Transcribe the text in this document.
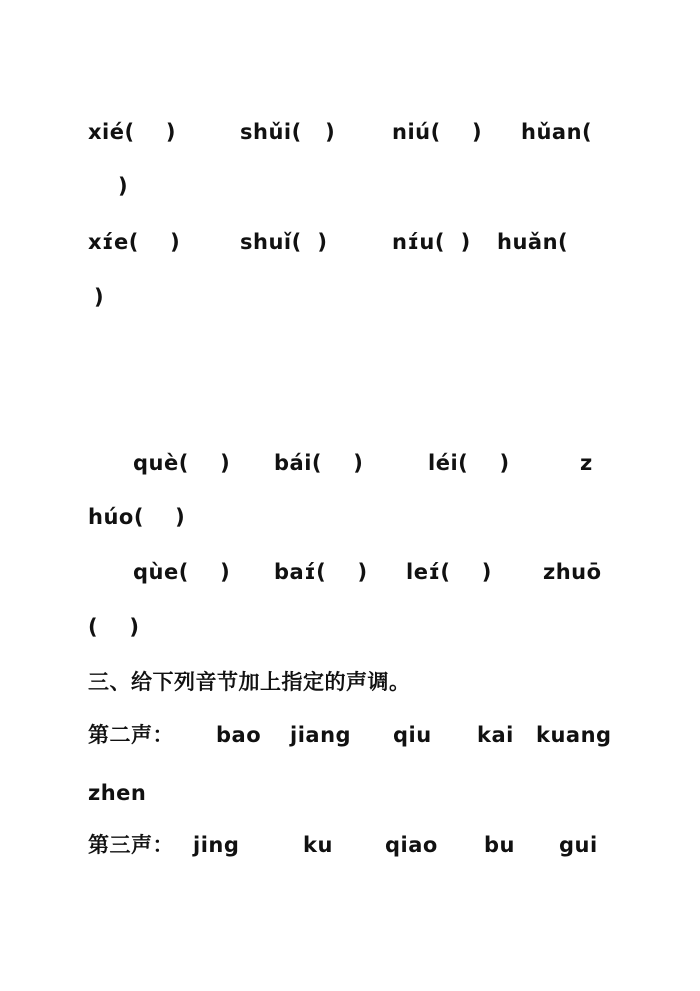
xié(    )	shǔi(   )	niú(    ) hǔan(
)
xɪ́e(    )	shuǐ(  )	nɪ́u(  ) huǎn(
)
què(    ) bái(    )	léi(    )	z
húo(    )
qùe(    ) baɪ́(    ) leɪ́(    ) zhuō
(    )
三、给下列音节加上指定的声调。
第二声： bao jiang qiu kai kuang
zhen
第三声： jing	ku qiao bu gui
